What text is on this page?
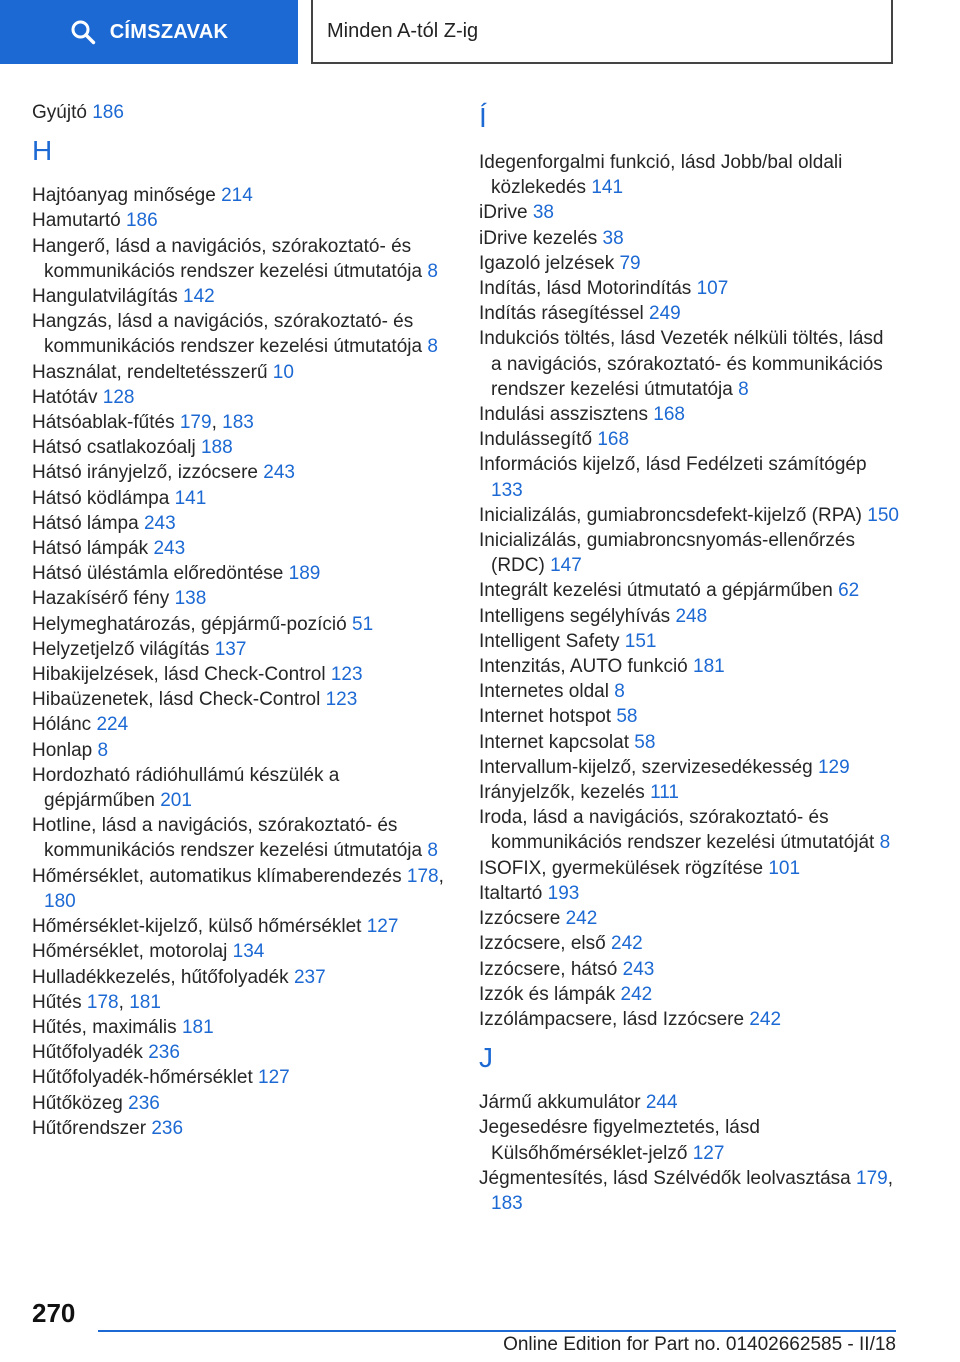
CÍMSZAVAK	Minden A-tól Z-ig
Gyújtó 186
H
Hajtóanyag minősége 214
Hamutartó 186
Hangerő, lásd a navigációs, szórakoztató- és kommunikációs rendszer kezelési útmutatója 8
Hangulatvilágítás 142
Hangzás, lásd a navigációs, szórakoztató- és kommunikációs rendszer kezelési útmutatója 8
Használat, rendeltetésszerű 10
Hatótáv 128
Hátsóablak-fűtés 179, 183
Hátsó csatlakozóalj 188
Hátsó irányjelző, izzócsere 243
Hátsó ködlámpa 141
Hátsó lámpa 243
Hátsó lámpák 243
Hátsó üléstámla előredöntése 189
Hazakísérő fény 138
Helymeghatározás, gépjármű-pozíció 51
Helyzetjelző világítás 137
Hibakijelzések, lásd Check-Control 123
Hibaüzenetek, lásd Check-Control 123
Hólánc 224
Honlap 8
Hordozható rádióhullámú készülék a gépjárműben 201
Hotline, lásd a navigációs, szórakoztató- és kommunikációs rendszer kezelési útmutatója 8
Hőmérséklet, automatikus klímaberendezés 178, 180
Hőmérséklet-kijelző, külső hőmérséklet 127
Hőmérséklet, motorolaj 134
Hulladékkezelés, hűtőfolyadék 237
Hűtés 178, 181
Hűtés, maximális 181
Hűtőfolyadék 236
Hűtőfolyadék-hőmérséklet 127
Hűtőközeg 236
Hűtőrendszer 236
Í
Idegenforgalmi funkció, lásd Jobb/bal oldali közlekedés 141
iDrive 38
iDrive kezelés 38
Igazoló jelzések 79
Indítás, lásd Motorindítás 107
Indítás rásegítéssel 249
Indukciós töltés, lásd Vezeték nélküli töltés, lásd a navigációs, szórakoztató- és kommunikációs rendszer kezelési útmutatója 8
Indulási asszisztens 168
Indulássegítő 168
Információs kijelző, lásd Fedélzeti számítógép 133
Inicializálás, gumiabroncsdefekt-kijelző (RPA) 150
Inicializálás, gumiabroncsnyomás-ellenőrzés (RDC) 147
Integrált kezelési útmutató a gépjárműben 62
Intelligens segélyhívás 248
Intelligent Safety 151
Intenzitás, AUTO funkció 181
Internetes oldal 8
Internet hotspot 58
Internet kapcsolat 58
Intervallum-kijelző, szervizesedékesség 129
Irányjelzők, kezelés 111
Iroda, lásd a navigációs, szórakoztató- és kommunikációs rendszer kezelési útmutatóját 8
ISOFIX, gyermekülések rögzítése 101
Italtartó 193
Izzócsere 242
Izzócsere, első 242
Izzócsere, hátsó 243
Izzók és lámpák 242
Izzólámpacsere, lásd Izzócsere 242
J
Jármű akkumulátor 244
Jegesedésre figyelmeztetés, lásd Külsőhőmérséklet-jelző 127
Jégmentesítés, lásd Szélvédők leolvasztása 179, 183
270
Online Edition for Part no. 01402662585 - II/18
